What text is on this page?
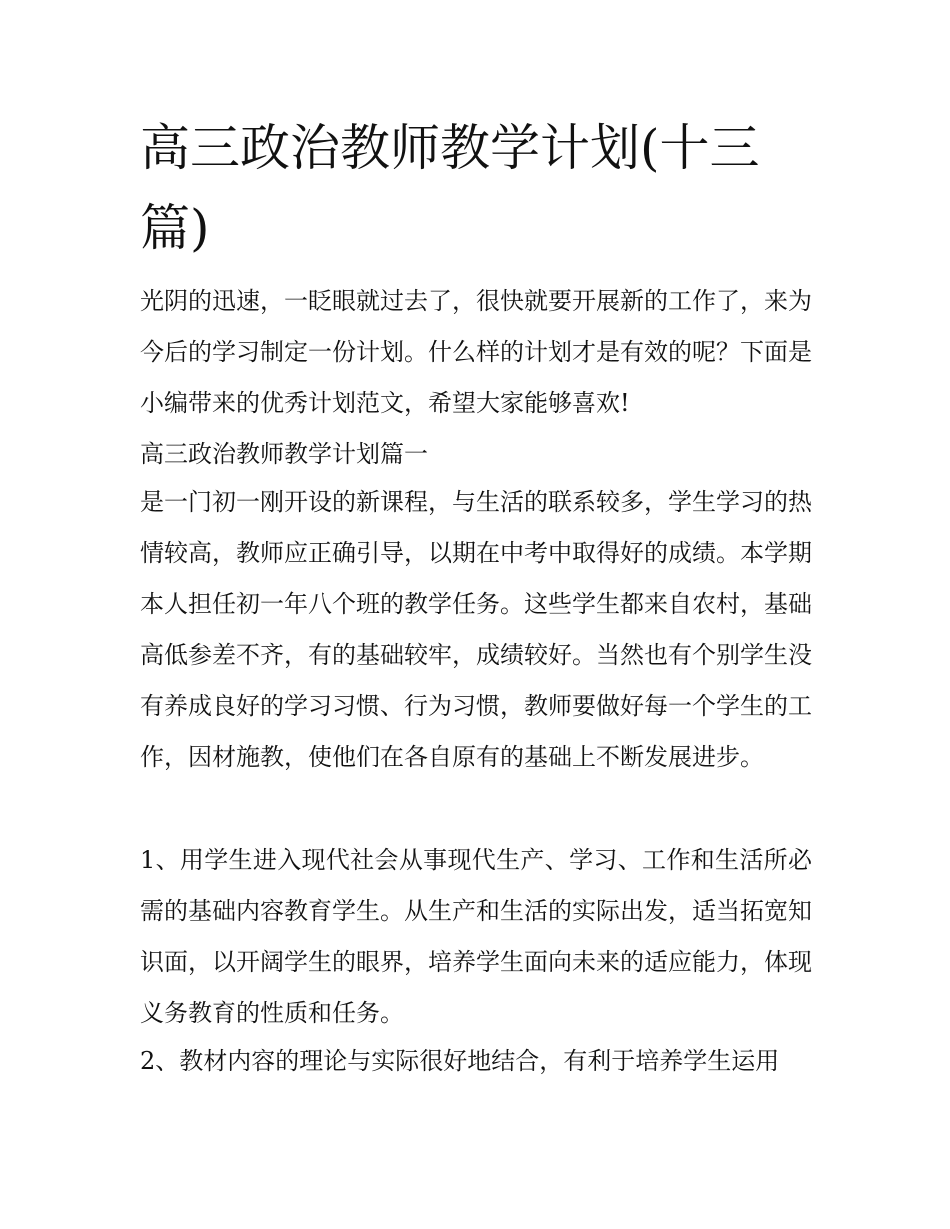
高三政治教师教学计划(十三篇)

光阴的迅速，一眨眼就过去了，很快就要开展新的工作了，来为今后的学习制定一份计划。什么样的计划才是有效的呢？下面是小编带来的优秀计划范文，希望大家能够喜欢!

高三政治教师教学计划篇一

是一门初一刚开设的新课程，与生活的联系较多，学生学习的热情较高，教师应正确引导，以期在中考中取得好的成绩。本学期本人担任初一年八个班的教学任务。这些学生都来自农村，基础高低参差不齐，有的基础较牢，成绩较好。当然也有个别学生没有养成良好的学习习惯、行为习惯，教师要做好每一个学生的工作，因材施教，使他们在各自原有的基础上不断发展进步。

1、用学生进入现代社会从事现代生产、学习、工作和生活所必需的基础内容教育学生。从生产和生活的实际出发，适当拓宽知识面，以开阔学生的眼界，培养学生面向未来的适应能力，体现义务教育的性质和任务。

2、教材内容的理论与实际很好地结合，有利于培养学生运用
